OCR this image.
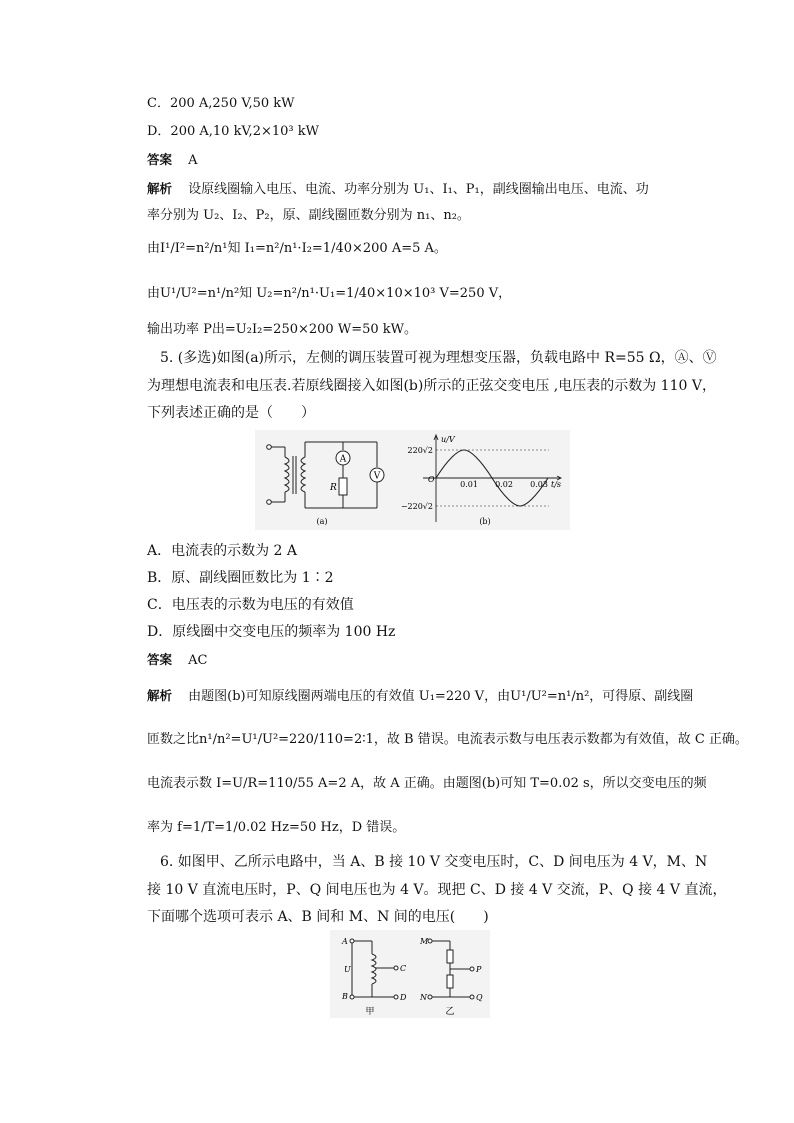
C．200 A,250 V,50 kW
D．200 A,10 kV,2×10³ kW
答案 A
解析 设原线圈输入电压、电流、功率分别为 U₁、I₁、P₁，副线圈输出电压、电流、功
率分别为 U₂、I₂、P₂，原、副线圈匝数分别为 n₁、n₂。
由I¹/I²=n²/n¹知 I₁=n²/n¹·I₂=1/40×200 A=5 A。
由U¹/U²=n¹/n²知 U₂=n²/n¹·U₁=1/40×10×10³ V=250 V，
输出功率 P出=U₂I₂=250×200 W=50 kW。
5. (多选)如图(a)所示，左侧的调压装置可视为理想变压器，负载电路中 R=55 Ω，Ⓐ、Ⓥ
为理想电流表和电压表.若原线圈接入如图(b)所示的正弦交变电压 ,电压表的示数为 110 V，
下列表述正确的是（　　）
A
V
R
(a)
u/V
220√2
−220√2
O
0.01 0.02 0.03 t/s
(b)
A．电流表的示数为 2 A
B．原、副线圈匝数比为 1∶2
C．电压表的示数为电压的有效值
D．原线圈中交变电压的频率为 100 Hz
答案 AC
解析 由题图(b)可知原线圈两端电压的有效值 U₁=220 V，由U¹/U²=n¹/n²，可得原、副线圈
匝数之比n¹/n²=U¹/U²=220/110=2∶1，故 B 错误。电流表示数与电压表示数都为有效值，故 C 正确。
电流表示数 I=U/R=110/55 A=2 A，故 A 正确。由题图(b)可知 T=0.02 s，所以交变电压的频
率为 f=1/T=1/0.02 Hz=50 Hz，D 错误。
6. 如图甲、乙所示电路中，当 A、B 接 10 V 交变电压时，C、D 间电压为 4 V，M、N
接 10 V 直流电压时，P、Q 间电压也为 4 V。现把 C、D 接 4 V 交流，P、Q 接 4 V 直流，
下面哪个选项可表示 A、B 间和 M、N 间的电压(　　)
A
B
U	C
D
甲
M
N
P
Q
乙
